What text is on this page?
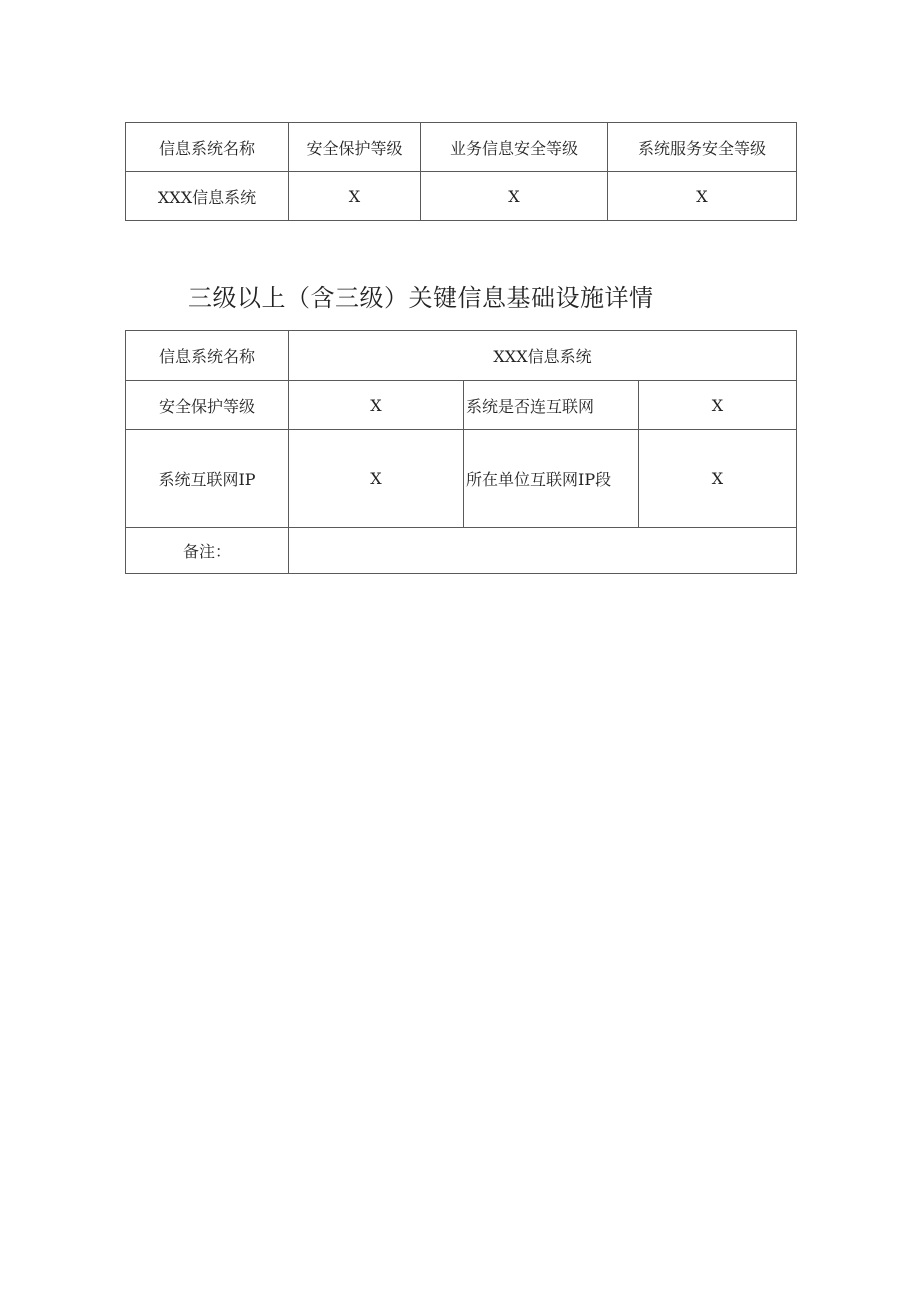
信息系统名称	安全保护等级	业务信息安全等级	系统服务安全等级
XXX信息系统	X	X	X
三级以上（含三级）关键信息基础设施详情
信息系统名称	XXX信息系统		
安全保护等级	X	系统是否连互联网	X
系统互联网IP	X	所在单位互联网IP段	X
备注：			
